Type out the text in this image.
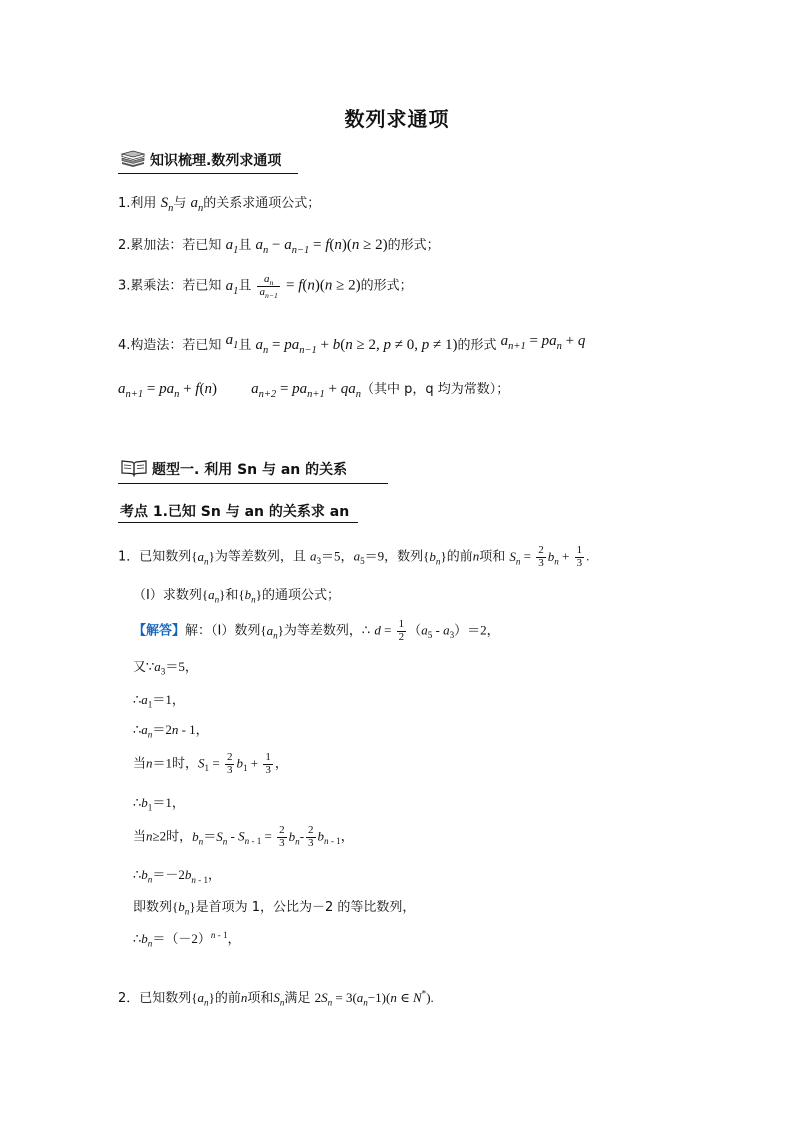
数列求通项
知识梳理.数列求通项
1.利用 $S_n$与 $a_n$的关系求通项公式；
2.累加法：若已知 $a_1$且 $a_n - a_{n-1} = f(n)(n \ge 2)$的形式；
3.累乘法：若已知 $a_1$且 $\frac{a_n}{a_{n-1}} = f(n)(n \ge 2)$的形式；
4.构造法：若已知 $a_1$且 $a_n = pa_{n-1} + b(n \ge 2$, p ≠ 0, p ≠ 1)的形式 $a_{n+1} = pa_n + q$
$a_{n+1} = pa_n + f(n) a_{n+2} = pa_{n+1} + qa_n$（其中 p，q 均为常数）；
题型一. 利用 Sn 与 an 的关系
考点 1.已知 Sn 与 an 的关系求 an
1．已知数列$\{a_n\}$为等差数列，且 $a_3=5$，$a_5=9$，数列$\{b_n\}$的前n项和 $S_n = \frac{2}{3} b_n + \frac{1}{3}$ .
（Ⅰ）求数列$\{a_n\}$和$\{b_n\}$的通项公式；
【解答】解：（Ⅰ）数列$\{a_n\}$为等差数列，∴ $d = \frac{1}{2} (a_5 - a_3)=2$，
又$\because a_3=5$，
$\therefore a_1=1$，
$\therefore a_n=2n - 1$，
当n＝1时，$S_1 = \frac{2}{3} b_1 + \frac{1}{3}$ ，
$\therefore b_1=1$，
当n≥2时，$b_n=S_n - S_{n - 1} = \frac{2}{3} b_n- \frac{2}{3} b_{n - 1}$，
$\therefore b_n=-2b_{n - 1}$，
即数列$\{b_n\}$是首项为 1，公比为－2 的等比数列，
$\therefore b_n=(-2)^{n - 1}$，
2．已知数列$\{a_n\}$的前n项和$S_n$满足 $2S_n = 3(a_n-1)(n$ ∈ N*).
